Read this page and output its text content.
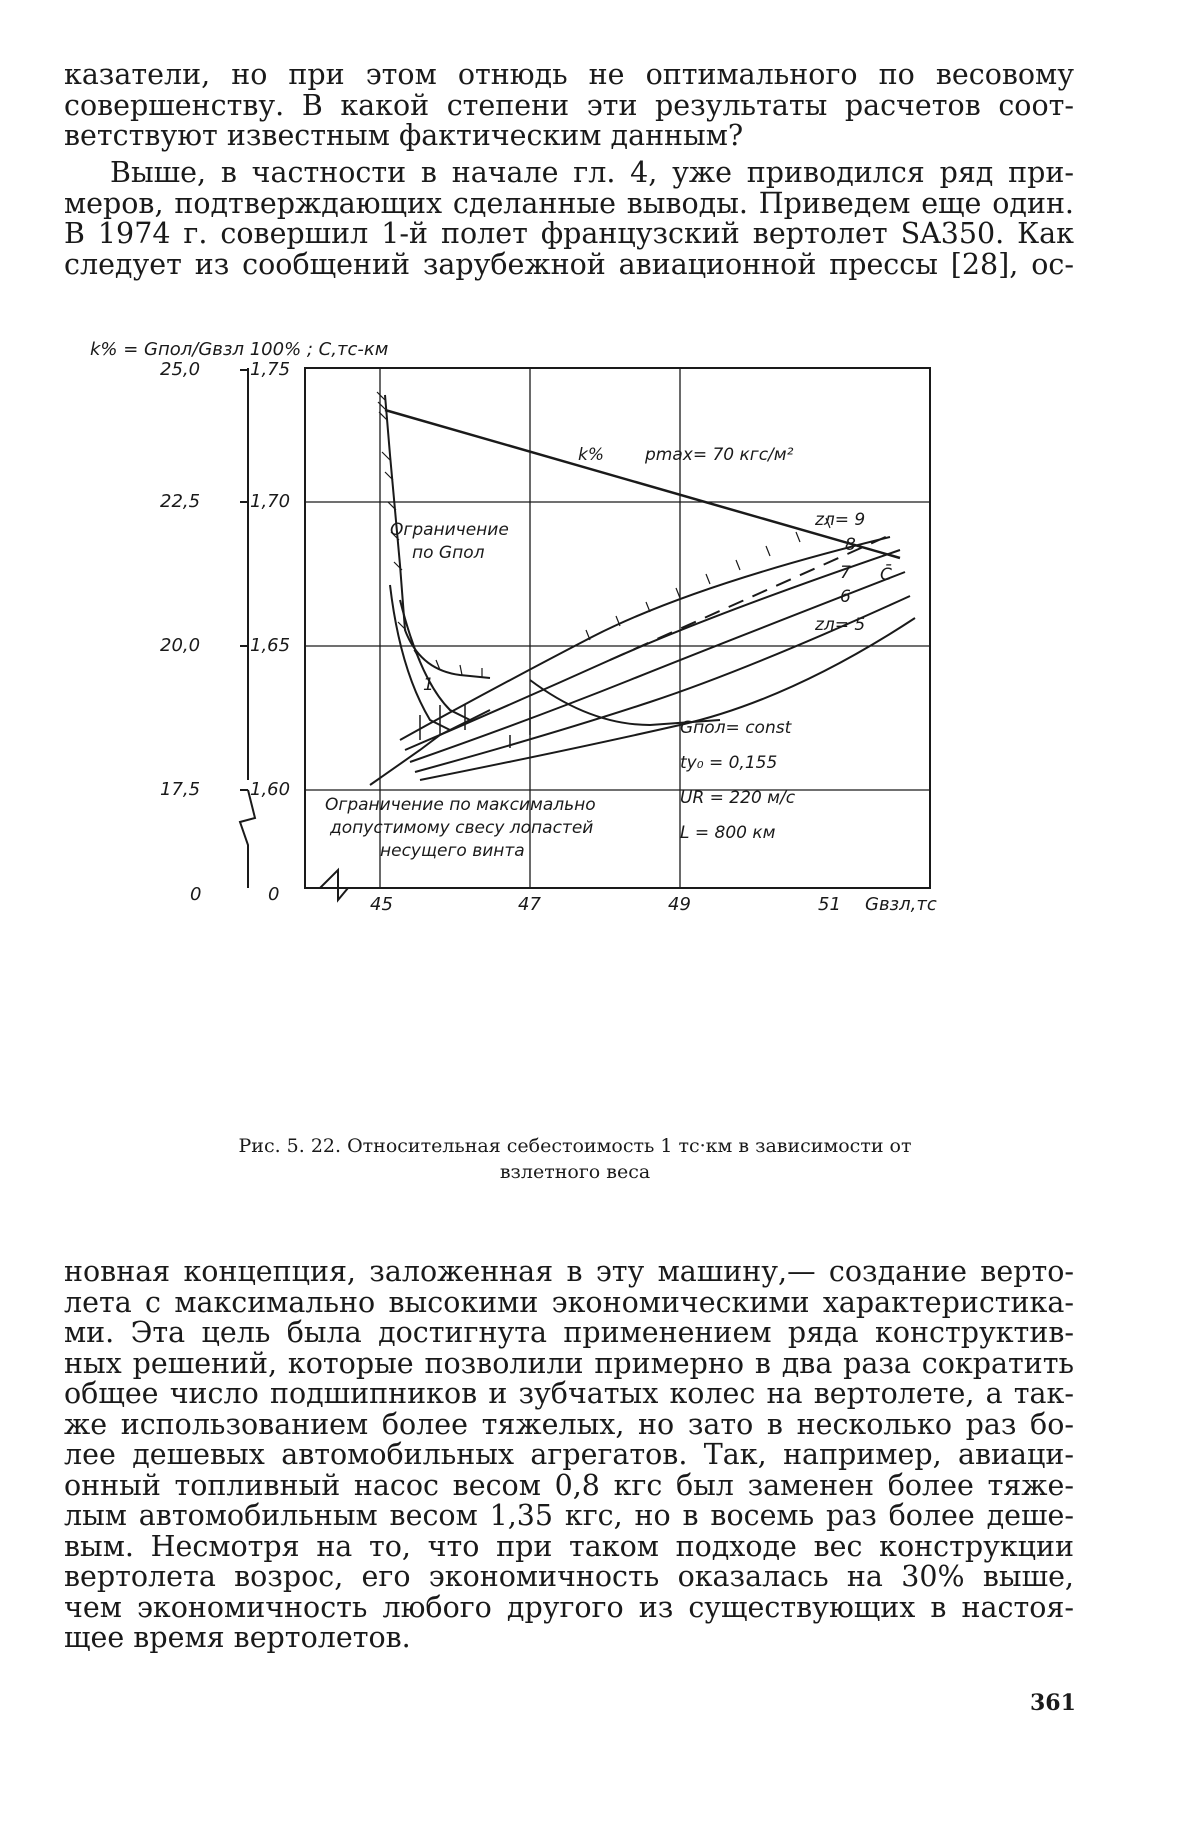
казатели, но при этом отнюдь не оптимального по весовому
совершенству. В какой степени эти результаты расчетов соот-
ветствуют известным фактическим данным?
Выше, в частности в начале гл. 4, уже приводился ряд при-
меров, подтверждающих сделанные выводы. Приведем еще один.
В 1974 г. совершил 1-й полет французский вертолет SA350. Как
следует из сообщений зарубежной авиационной прессы [28], ос-
k% = Gпол/Gвзл 100% ; C̄,тс-км
25,0
22,5
20,0
17,5
0
1,75
1,70
1,65
1,60
0	45	47	49	51 Gвзл,тс
k% pmax= 70 кгс/м²
Ограничение
по Gпол
zл= 9
8
7
6
zл= 5
C̄
1
Ограничение по максимально
допустимому свесу лопастей
несущего винта
Gпол= const
ty₀ = 0,155
UR = 220 м/с
L = 800 км
Рис. 5. 22. Относительная себестоимость 1 тс·км в зависимости от
взлетного веса
новная концепция, заложенная в эту машину,— создание верто-
лета с максимально высокими экономическими характеристика-
ми. Эта цель была достигнута применением ряда конструктив-
ных решений, которые позволили примерно в два раза сократить
общее число подшипников и зубчатых колес на вертолете, а так-
же использованием более тяжелых, но зато в несколько раз бо-
лее дешевых автомобильных агрегатов. Так, например, авиаци-
онный топливный насос весом 0,8 кгс был заменен более тяже-
лым автомобильным весом 1,35 кгс, но в восемь раз более деше-
вым. Несмотря на то, что при таком подходе вес конструкции
вертолета возрос, его экономичность оказалась на 30% выше,
чем экономичность любого другого из существующих в настоя-
щее время вертолетов.
361
